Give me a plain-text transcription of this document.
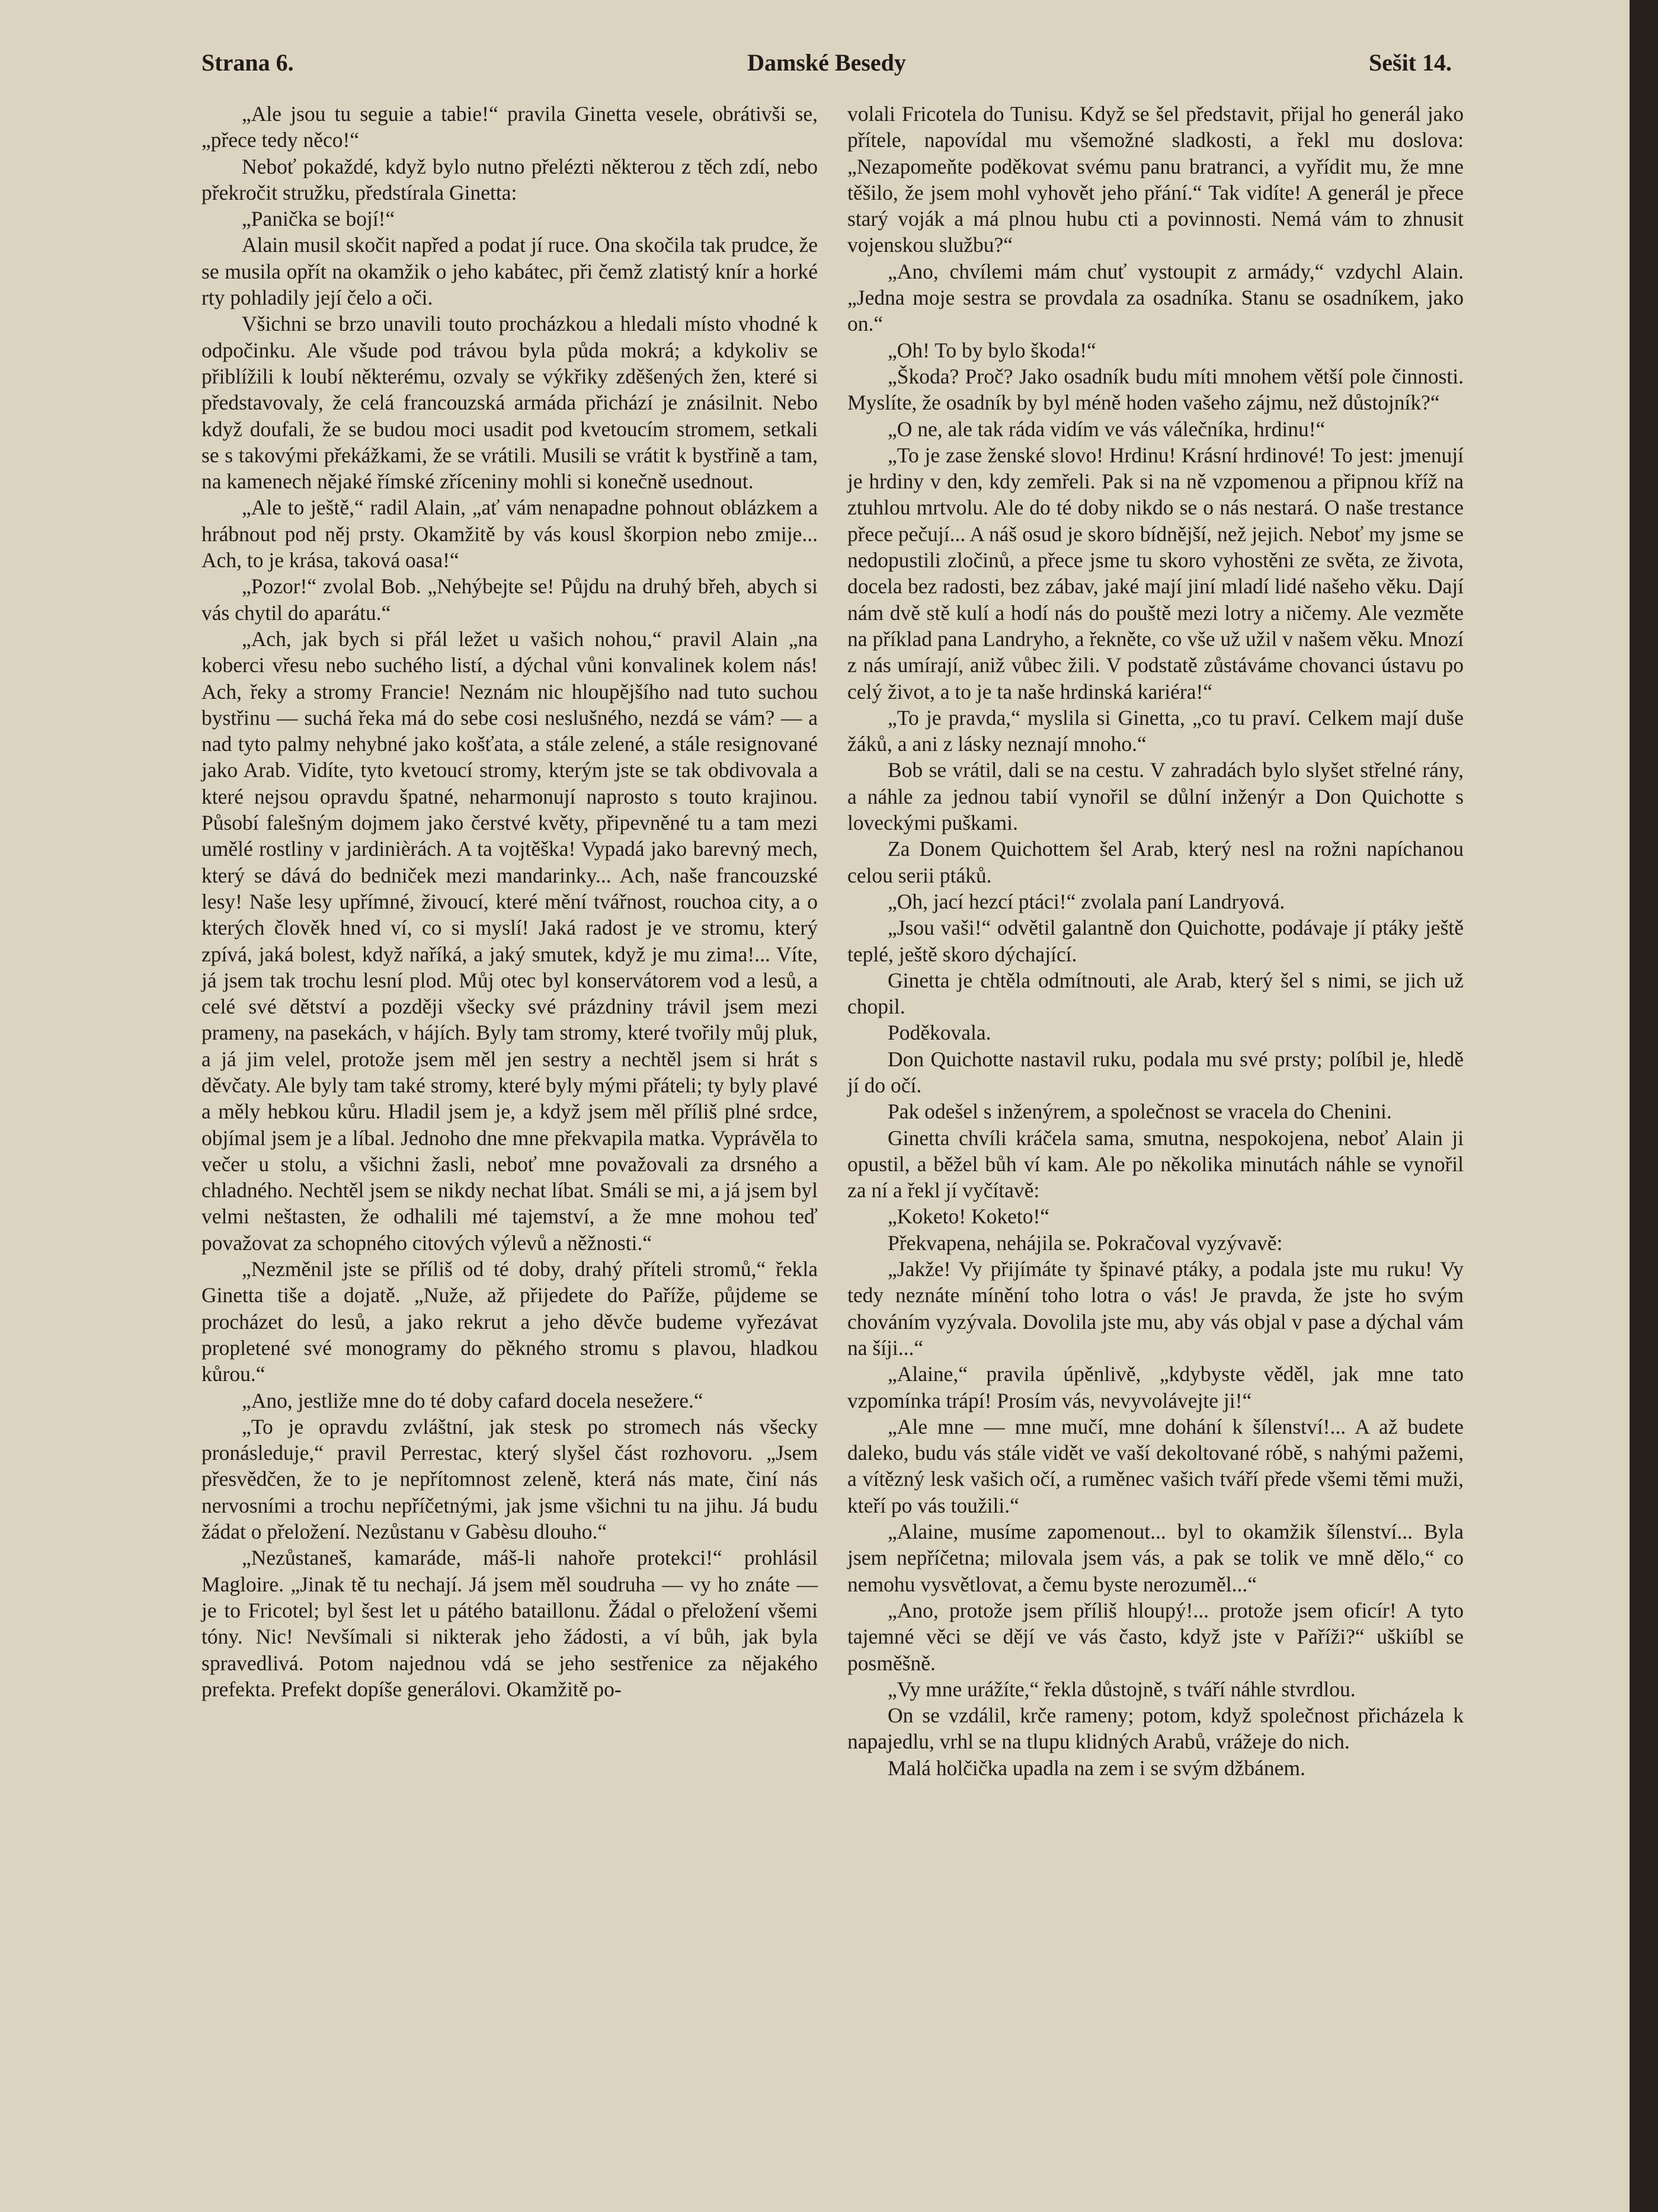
Strana 6.	Damské Besedy	Sešit 14.

„Ale jsou tu seguie a tabie!“ pravila Ginetta vesele, obrátivši se, „přece tedy něco!“

Neboť pokaždé, když bylo nutno přelézti některou z těch zdí, nebo překročit stružku, předstírala Ginetta:

„Panička se bojí!“

Alain musil skočit napřed a podat jí ruce. Ona skočila tak prudce, že se musila opřít na okamžik o jeho kabátec, při čemž zlatistý knír a horké rty pohladily její čelo a oči.

Všichni se brzo unavili touto procházkou a hledali místo vhodné k odpočinku. Ale všude pod trávou byla půda mokrá; a kdykoliv se přiblížili k loubí některému, ozvaly se výkřiky zděšených žen, které si představovaly, že celá francouzská armáda přichází je znásilnit. Nebo když doufali, že se budou moci usadit pod kvetoucím stromem, setkali se s takovými překážkami, že se vrátili. Musili se vrátit k bystřině a tam, na kamenech nějaké římské zříceniny mohli si konečně usednout.

„Ale to ještě,“ radil Alain, „ať vám nenapadne pohnout oblázkem a hrábnout pod něj prsty. Okamžitě by vás kousl škorpion nebo zmije... Ach, to je krása, taková oasa!“

„Pozor!“ zvolal Bob. „Nehýbejte se! Půjdu na druhý břeh, abych si vás chytil do aparátu.“

„Ach, jak bych si přál ležet u vašich nohou,“ pravil Alain „na koberci vřesu nebo suchého listí, a dýchal vůni konvalinek kolem nás! Ach, řeky a stromy Francie! Neznám nic hloupějšího nad tuto suchou bystřinu — suchá řeka má do sebe cosi neslušného, nezdá se vám? — a nad tyto palmy nehybné jako košťata, a stále zelené, a stále resignované jako Arab. Vidíte, tyto kvetoucí stromy, kterým jste se tak obdivovala a které nejsou opravdu špatné, neharmonují naprosto s touto krajinou. Působí falešným dojmem jako čerstvé květy, připevněné tu a tam mezi umělé rostliny v jardinièrách. A ta vojtěška! Vypadá jako barevný mech, který se dává do bedniček mezi mandarinky... Ach, naše francouzské lesy! Naše lesy upřímné, živoucí, které mění tvářnost, rouchoa city, a o kterých člověk hned ví, co si myslí! Jaká radost je ve stromu, který zpívá, jaká bolest, když naříká, a jaký smutek, když je mu zima!... Víte, já jsem tak trochu lesní plod. Můj otec byl konservátorem vod a lesů, a celé své dětství a později všecky své prázdniny trávil jsem mezi prameny, na pasekách, v hájích. Byly tam stromy, které tvořily můj pluk, a já jim velel, protože jsem měl jen sestry a nechtěl jsem si hrát s děvčaty. Ale byly tam také stromy, které byly mými přáteli; ty byly plavé a měly hebkou kůru. Hladil jsem je, a když jsem měl příliš plné srdce, objímal jsem je a líbal. Jednoho dne mne překvapila matka. Vyprávěla to večer u stolu, a všichni žasli, neboť mne považovali za drsného a chladného. Nechtěl jsem se nikdy nechat líbat. Smáli se mi, a já jsem byl velmi neštasten, že odhalili mé tajemství, a že mne mohou teď považovat za schopného citových výlevů a něžnosti.“

„Nezměnil jste se příliš od té doby, drahý příteli stromů,“ řekla Ginetta tiše a dojatě. „Nuže, až přijedete do Paříže, půjdeme se procházet do lesů, a jako rekrut a jeho děvče budeme vyřezávat propletené své monogramy do pěkného stromu s plavou, hladkou kůrou.“

„Ano, jestliže mne do té doby cafard docela nesežere.“

„To je opravdu zvláštní, jak stesk po stromech nás všecky pronásleduje,“ pravil Perrestac, který slyšel část rozhovoru. „Jsem přesvědčen, že to je nepřítomnost zeleně, která nás mate, činí nás nervosními a trochu nepříčetnými, jak jsme všichni tu na jihu. Já budu žádat o přeložení. Nezůstanu v Gabèsu dlouho.“

„Nezůstaneš, kamaráde, máš-li nahoře protekci!“ prohlásil Magloire. „Jinak tě tu nechají. Já jsem měl soudruha — vy ho znáte — je to Fricotel; byl šest let u pátého bataillonu. Žádal o přeložení všemi tóny. Nic! Nevšímali si nikterak jeho žádosti, a ví bůh, jak byla spravedlivá. Potom najednou vdá se jeho sestřenice za nějakého prefekta. Prefekt dopíše generálovi. Okamžitě po-

volali Fricotela do Tunisu. Když se šel představit, přijal ho generál jako přítele, napovídal mu všemožné sladkosti, a řekl mu doslova: „Nezapomeňte poděkovat svému panu bratranci, a vyřídit mu, že mne těšilo, že jsem mohl vyhovět jeho přání.“ Tak vidíte! A generál je přece starý voják a má plnou hubu cti a povinnosti. Nemá vám to zhnusit vojenskou službu?“

„Ano, chvílemi mám chuť vystoupit z armády,“ vzdychl Alain. „Jedna moje sestra se provdala za osadníka. Stanu se osadníkem, jako on.“

„Oh! To by bylo škoda!“

„Škoda? Proč? Jako osadník budu míti mnohem větší pole činnosti. Myslíte, že osadník by byl méně hoden vašeho zájmu, než důstojník?“

„O ne, ale tak ráda vidím ve vás válečníka, hrdinu!“

„To je zase ženské slovo! Hrdinu! Krásní hrdinové! To jest: jmenují je hrdiny v den, kdy zemřeli. Pak si na ně vzpomenou a připnou kříž na ztuhlou mrtvolu. Ale do té doby nikdo se o nás nestará. O naše trestance přece pečují... A náš osud je skoro bídnější, než jejich. Neboť my jsme se nedopustili zločinů, a přece jsme tu skoro vyhostěni ze světa, ze života, docela bez radosti, bez zábav, jaké mají jiní mladí lidé našeho věku. Dají nám dvě stě kulí a hodí nás do pouště mezi lotry a ničemy. Ale vezměte na příklad pana Landryho, a řekněte, co vše už užil v našem věku. Mnozí z nás umírají, aniž vůbec žili. V podstatě zůstáváme chovanci ústavu po celý život, a to je ta naše hrdinská kariéra!“

„To je pravda,“ myslila si Ginetta, „co tu praví. Celkem mají duše žáků, a ani z lásky neznají mnoho.“

Bob se vrátil, dali se na cestu. V zahradách bylo slyšet střelné rány, a náhle za jednou tabií vynořil se důlní inženýr a Don Quichotte s loveckými puškami.

Za Donem Quichottem šel Arab, který nesl na rožni napíchanou celou serii ptáků.

„Oh, jací hezcí ptáci!“ zvolala paní Landryová.

„Jsou vaši!“ odvětil galantně don Quichotte, podávaje jí ptáky ještě teplé, ještě skoro dýchající.

Ginetta je chtěla odmítnouti, ale Arab, který šel s nimi, se jich už chopil.

Poděkovala.

Don Quichotte nastavil ruku, podala mu své prsty; políbil je, hledě jí do očí.

Pak odešel s inženýrem, a společnost se vracela do Chenini.

Ginetta chvíli kráčela sama, smutna, nespokojena, neboť Alain ji opustil, a běžel bůh ví kam. Ale po několika minutách náhle se vynořil za ní a řekl jí vyčítavě:

„Koketo! Koketo!“

Překvapena, nehájila se. Pokračoval vyzývavě:

„Jakže! Vy přijímáte ty špinavé ptáky, a podala jste mu ruku! Vy tedy neznáte mínění toho lotra o vás! Je pravda, že jste ho svým chováním vyzývala. Dovolila jste mu, aby vás objal v pase a dýchal vám na šíji...“

„Alaine,“ pravila úpěnlivě, „kdybyste věděl, jak mne tato vzpomínka trápí! Prosím vás, nevyvolávejte ji!“

„Ale mne — mne mučí, mne dohání k šílenství!... A až budete daleko, budu vás stále vidět ve vaší dekoltované róbě, s nahými pažemi, a vítězný lesk vašich očí, a ruměnec vašich tváří přede všemi těmi muži, kteří po vás toužili.“

„Alaine, musíme zapomenout... byl to okamžik šílenství... Byla jsem nepříčetna; milovala jsem vás, a pak se tolik ve mně dělo,“ co nemohu vysvětlovat, a čemu byste nerozuměl...“

„Ano, protože jsem příliš hloupý!... protože jsem oficír! A tyto tajemné věci se dějí ve vás často, když jste v Paříži?“ uškiíbl se posměšně.

„Vy mne urážíte,“ řekla důstojně, s tváří náhle stvrdlou.

On se vzdálil, krče rameny; potom, když společnost přicházela k napajedlu, vrhl se na tlupu klidných Arabů, vrážeje do nich.

Malá holčička upadla na zem i se svým džbánem.
